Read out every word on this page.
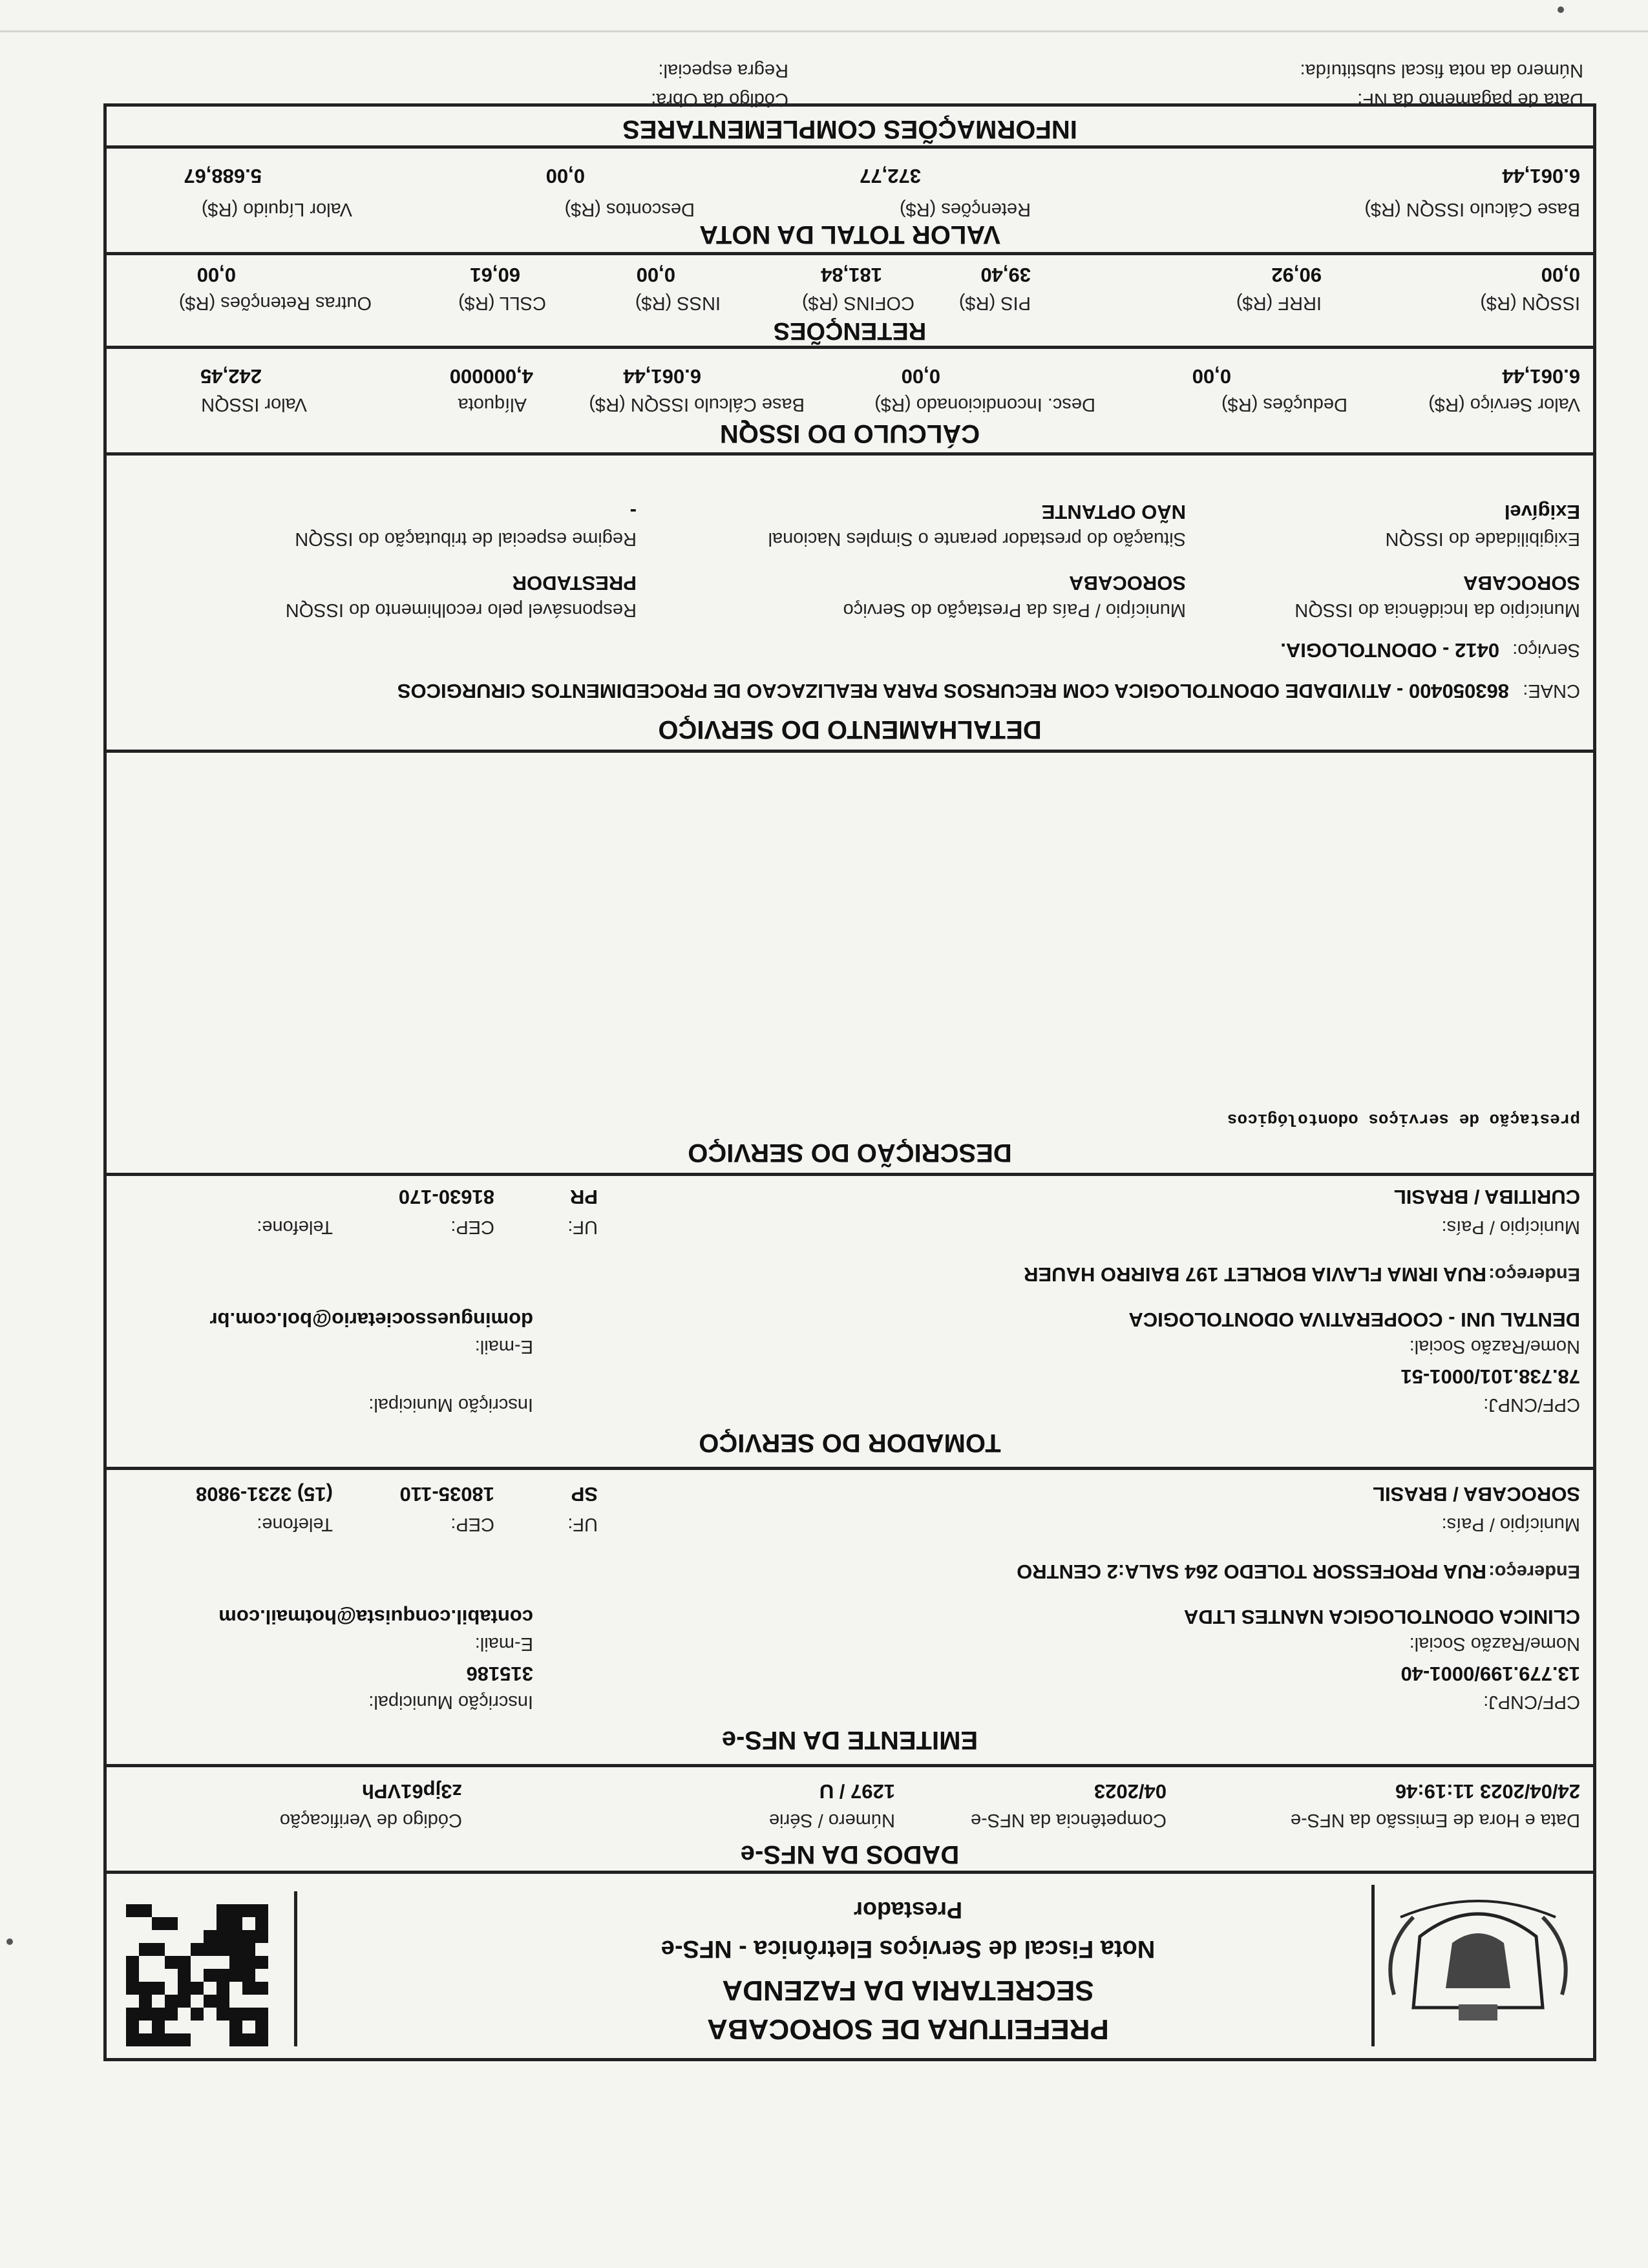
PREFEITURA DE SOROCABA
SECRETARIA DA FAZENDA
Nota Fiscal de Serviços Eletrônica - NFS-e
Prestador
DADOS DA NFS-e
Data e Hora de Emissão da NFS-e
24/04/2023 11:19:46
Competência da NFS-e
04/2023
Número / Série
1297 / U
Código de Verificação
z3jp61VPh
EMITENTE DA NFS-e
CPF/CNPJ:
13.779.199/0001-40
Inscrição Municipal:
315186
Nome/Razão Social:
CLINICA ODONTOLOGICA NANTES LTDA
E-mail:
contabil.conquista@hotmail.com
Endereço:
RUA PROFESSOR TOLEDO 264 SALA:2 CENTRO
Município / País:
SOROCABA / BRASIL
UF:
SP
CEP:
18035-110
Telefone:
(15) 3231-9808
TOMADOR DO SERVIÇO
CPF/CNPJ:
78.738.101/0001-51
Inscrição Municipal:
Nome/Razão Social:
DENTAL UNI - COOPERATIVA ODONTOLOGICA
E-mail:
dominguessocietario@bol.com.br
Endereço:
RUA IRMA FLAVIA BORLET 197 BAIRRO HAUER
Município / País:
CURITIBA / BRASIL
UF:
PR
CEP:
81630-170
Telefone:
DESCRIÇÃO DO SERVIÇO
prestação de serviços odontológicos
DETALHAMENTO DO SERVIÇO
CNAE:
863050400 - ATIVIDADE ODONTOLOGICA COM RECURSOS PARA REALIZACAO DE PROCEDIMENTOS CIRURGICOS
Serviço:
0412 - ODONTOLOGIA.
Município da Incidência do ISSQN
SOROCABA
Município / País da Prestação do Serviço
SOROCABA
Responsável pelo recolhimento do ISSQN
PRESTADOR
Exigibilidade do ISSQN
Exigível
Situação do prestador perante o Simples Nacional
NÃO OPTANTE
Regime especial de tributação do ISSQN
-
CÁLCULO DO ISSQN
Valor Serviço (R$)
6.061,44
Deduções (R$)
0,00
Desc. Incondicionado (R$)
0,00
Base Cálculo ISSQN (R$)
6.061,44
Alíquota
4,000000
Valor ISSQN
242,45
RETENÇÕES
ISSQN (R$)
0,00
IRRF (R$)
90,92
PIS (R$)
39,40
COFINS (R$)
181,84
INSS (R$)
0,00
CSLL (R$)
60,61
Outras Retenções (R$)
0,00
VALOR TOTAL DA NOTA
Base Cálculo ISSQN (R$)
6.061,44
Retenções (R$)
372,77
Descontos (R$)
0,00
Valor Líquido (R$)
5.688,67
INFORMAÇÕES COMPLEMENTARES
Data de pagamento da NF:
Número da nota fiscal substituída:
Código da Obra:
Regra especial:
